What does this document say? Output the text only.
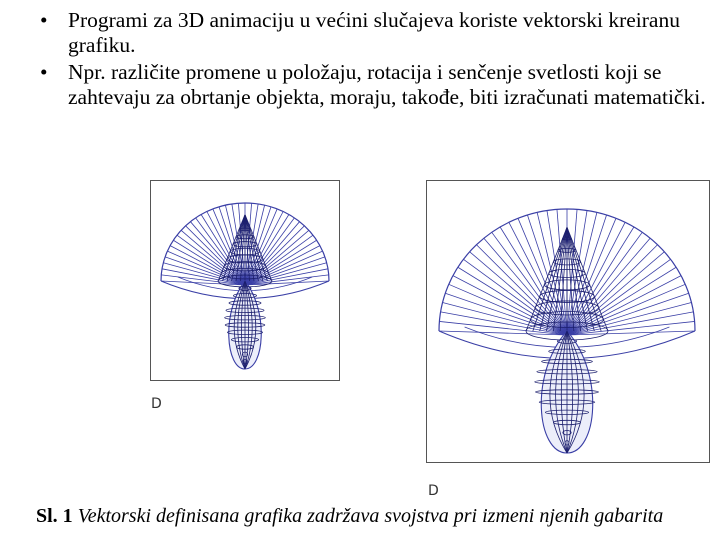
• Programi za 3D animaciju u većini slučajeva koriste vektorski kreiranu grafiku.
• Npr. različite promene u položaju, rotacija i senčenje svetlosti koji se zahtevaju za obrtanje objekta, moraju, takođe, biti izračunati matematički.
D
D
Sl. 1 Vektorski definisana grafika zadržava svojstva pri izmeni njenih gabarita
